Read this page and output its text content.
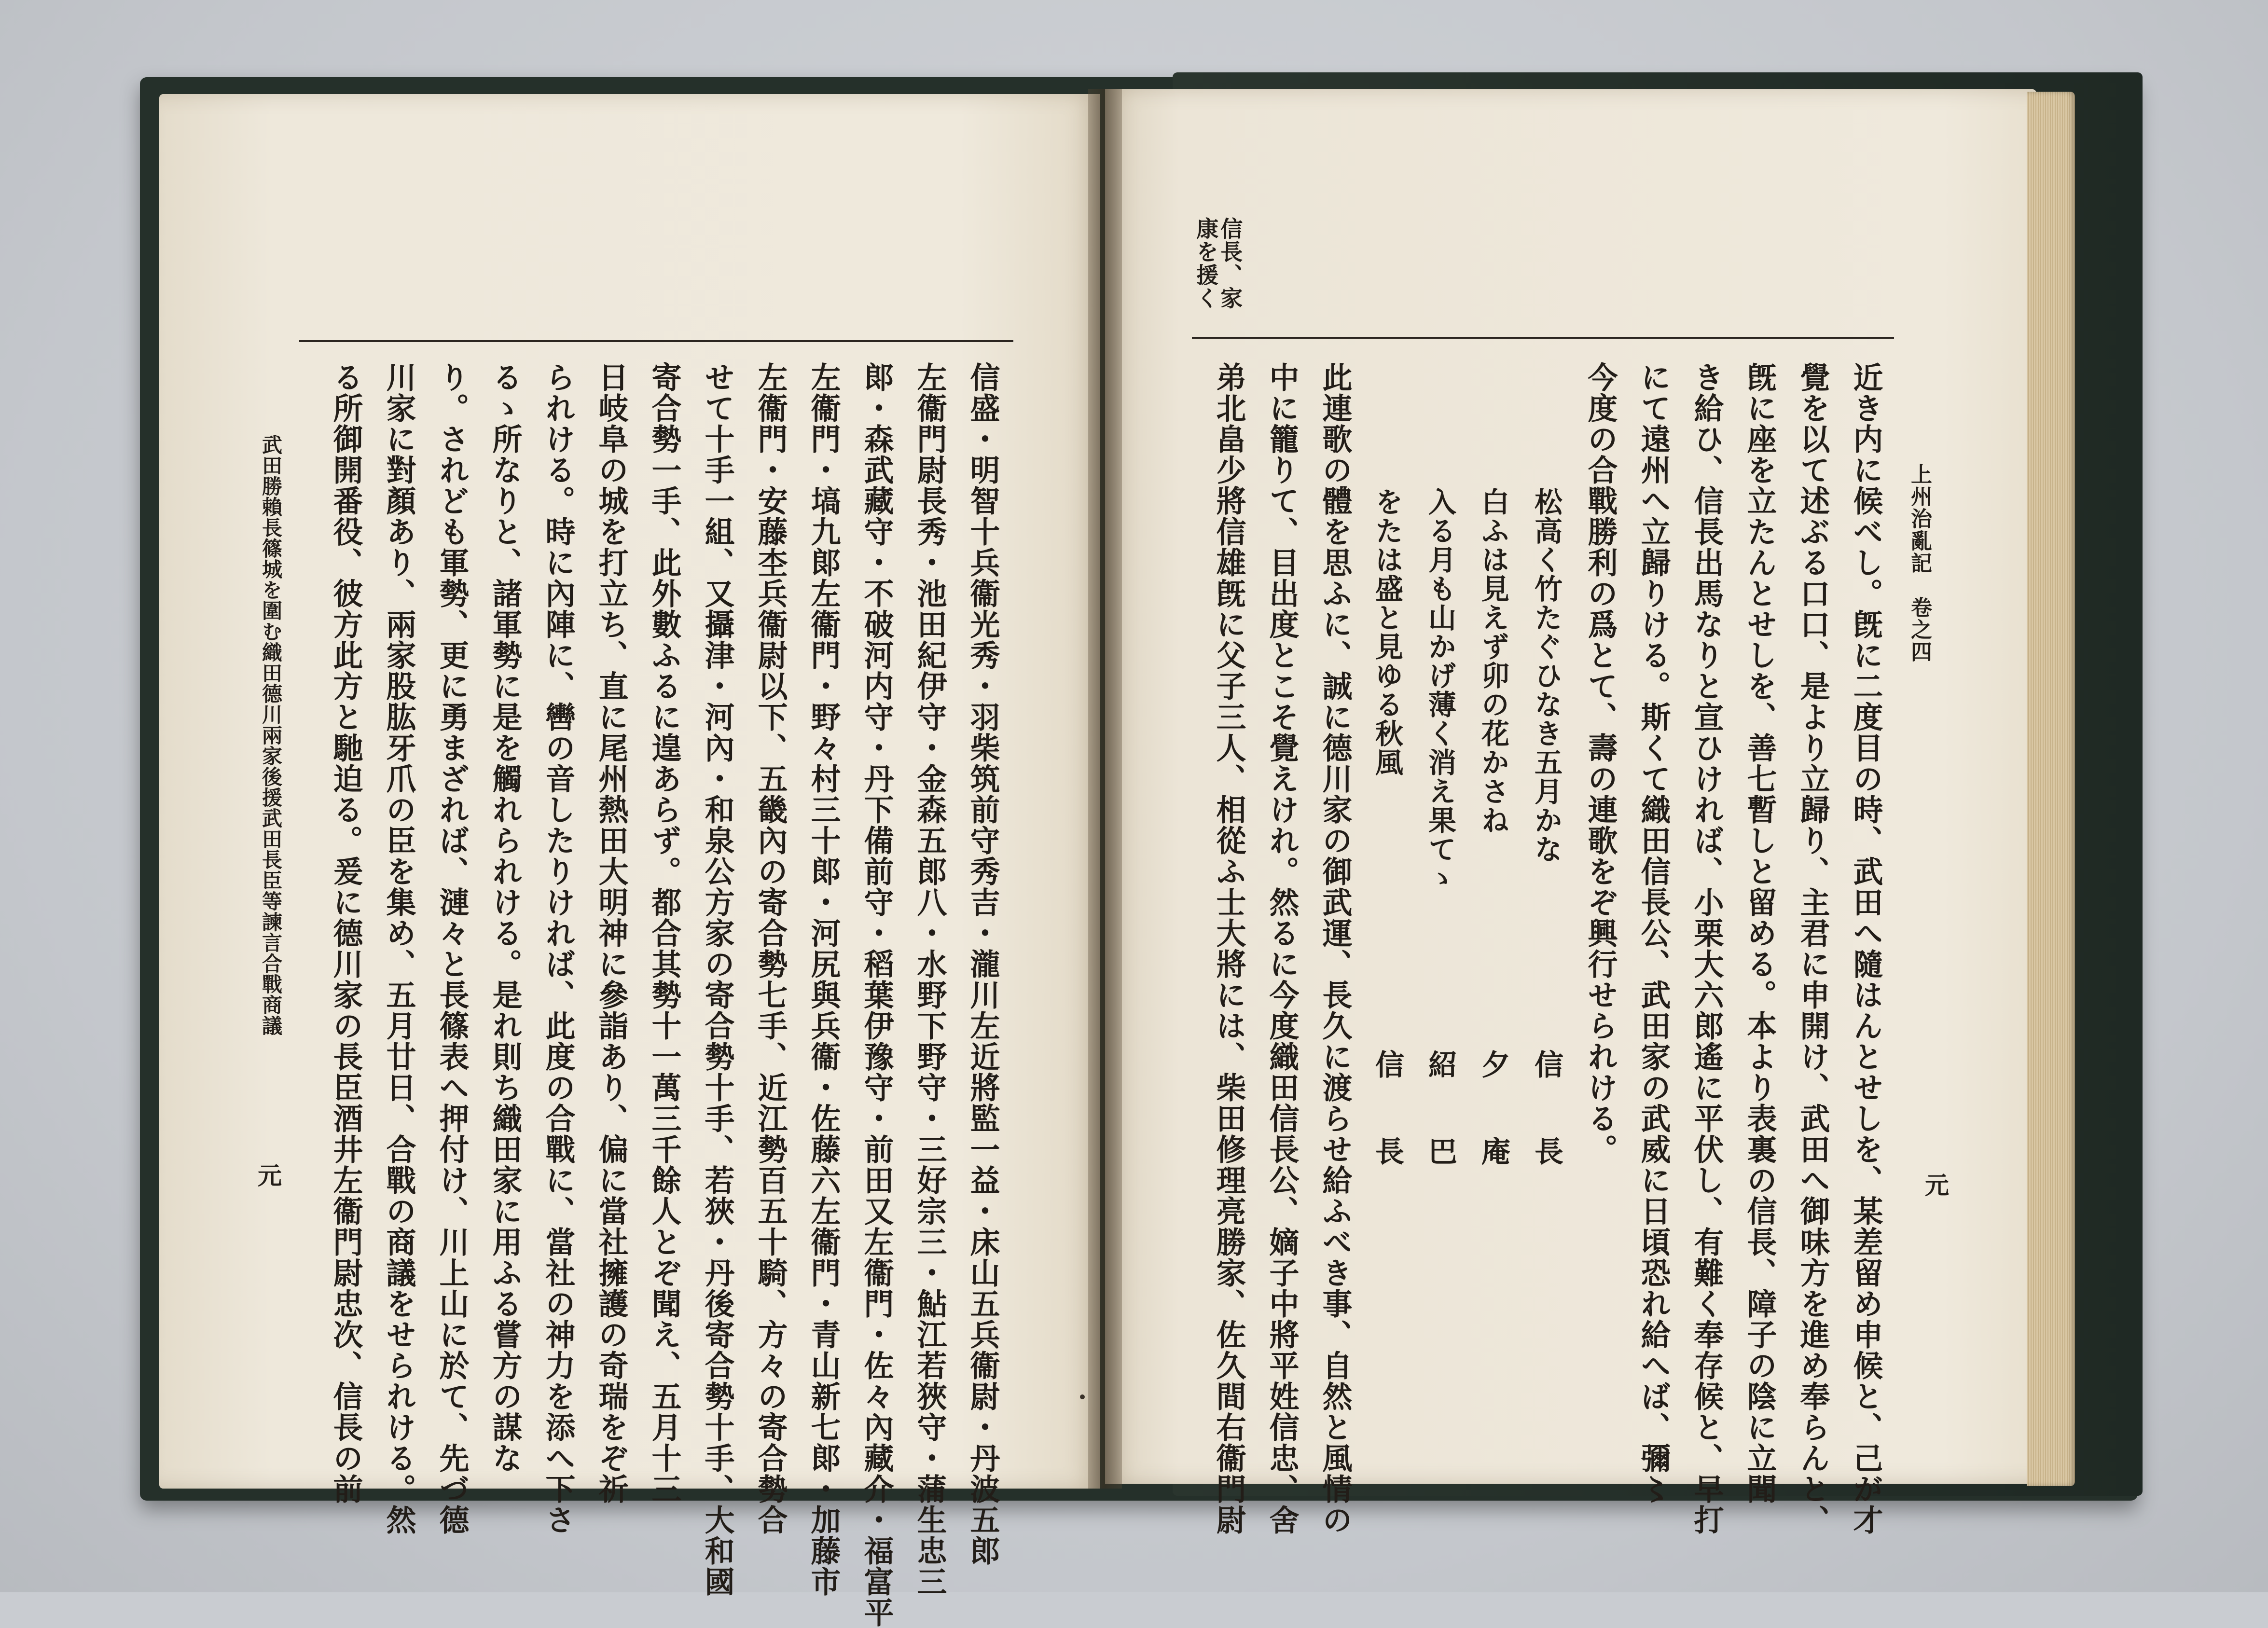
上州治亂記　卷之四
元
信長、家
康を援く
近き内に候べし。旣に二度目の時、武田へ隨はんとせしを、某差留め申候と、己が才
覺を以て述ぶる口口、是より立歸り、主君に申開け、武田へ御味方を進め奉らんと、
旣に座を立たんとせしを、善七暫しと留める。本より表裏の信長、障子の陰に立聞
き給ひ、信長出馬なりと宣ひければ、小栗大六郎遙に平伏し、有難く奉存候と、早打
にて遠州へ立歸りける。斯くて織田信長公、武田家の武威に日頃恐れ給へば、彌〻
今度の合戰勝利の爲とて、壽の連歌をぞ興行せられける。
松高く竹たぐひなき五月かな
白ふは見えず卯の花かさね
入る月も山かげ薄く消え果てゝ
をたは盛と見ゆる秋風
信長
夕庵
紹巴
信長
此連歌の體を思ふに、誠に德川家の御武運、長久に渡らせ給ふべき事、自然と風情の
中に籠りて、目出度とこそ覺えけれ。然るに今度織田信長公、嫡子中將平姓信忠、舍
弟北畠少將信雄旣に父子三人、相從ふ士大將には、柴田修理亮勝家、佐久間右衞門尉
信盛・明智十兵衞光秀・羽柴筑前守秀吉・瀧川左近將監一益・床山五兵衞尉・丹波五郎
左衞門尉長秀・池田紀伊守・金森五郎八・水野下野守・三好宗三・鮎江若狹守・蒲生忠三
郞・森武藏守・不破河内守・丹下備前守・稻葉伊豫守・前田又左衞門・佐々內藏介・福富平
左衞門・塙九郞左衞門・野々村三十郞・河尻與兵衞・佐藤六左衞門・青山新七郞・加藤市
左衞門・安藤杢兵衞尉以下、五畿內の寄合勢七手、近江勢百五十騎、方々の寄合勢合
せて十手一組、又攝津・河內・和泉公方家の寄合勢十手、若狹・丹後寄合勢十手、大和國
寄合勢一手、此外數ふるに遑あらず。都合其勢十一萬三千餘人とぞ聞え、五月十三
日岐阜の城を打立ち、直に尾州熱田大明神に參詣あり、偏に當社擁護の奇瑞をぞ祈
られける。時に內陣に、轡の音したりければ、此度の合戰に、當社の神力を添へ下さ
るゝ所なりと、諸軍勢に是を觸れられける。是れ則ち織田家に用ふる嘗方の謀な
り。されども軍勢、更に勇まざれば、漣々と長篠表へ押付け、川上山に於て、先づ德
川家に對顏あり、兩家股肱牙爪の臣を集め、五月廿日、合戰の商議をせられける。然
る所御開番役、彼方此方と馳迫る。爰に德川家の長臣酒井左衞門尉忠次、信長の前
武田勝賴長篠城を圍む織田德川兩家後援武田長臣等諫言合戰商議
元
